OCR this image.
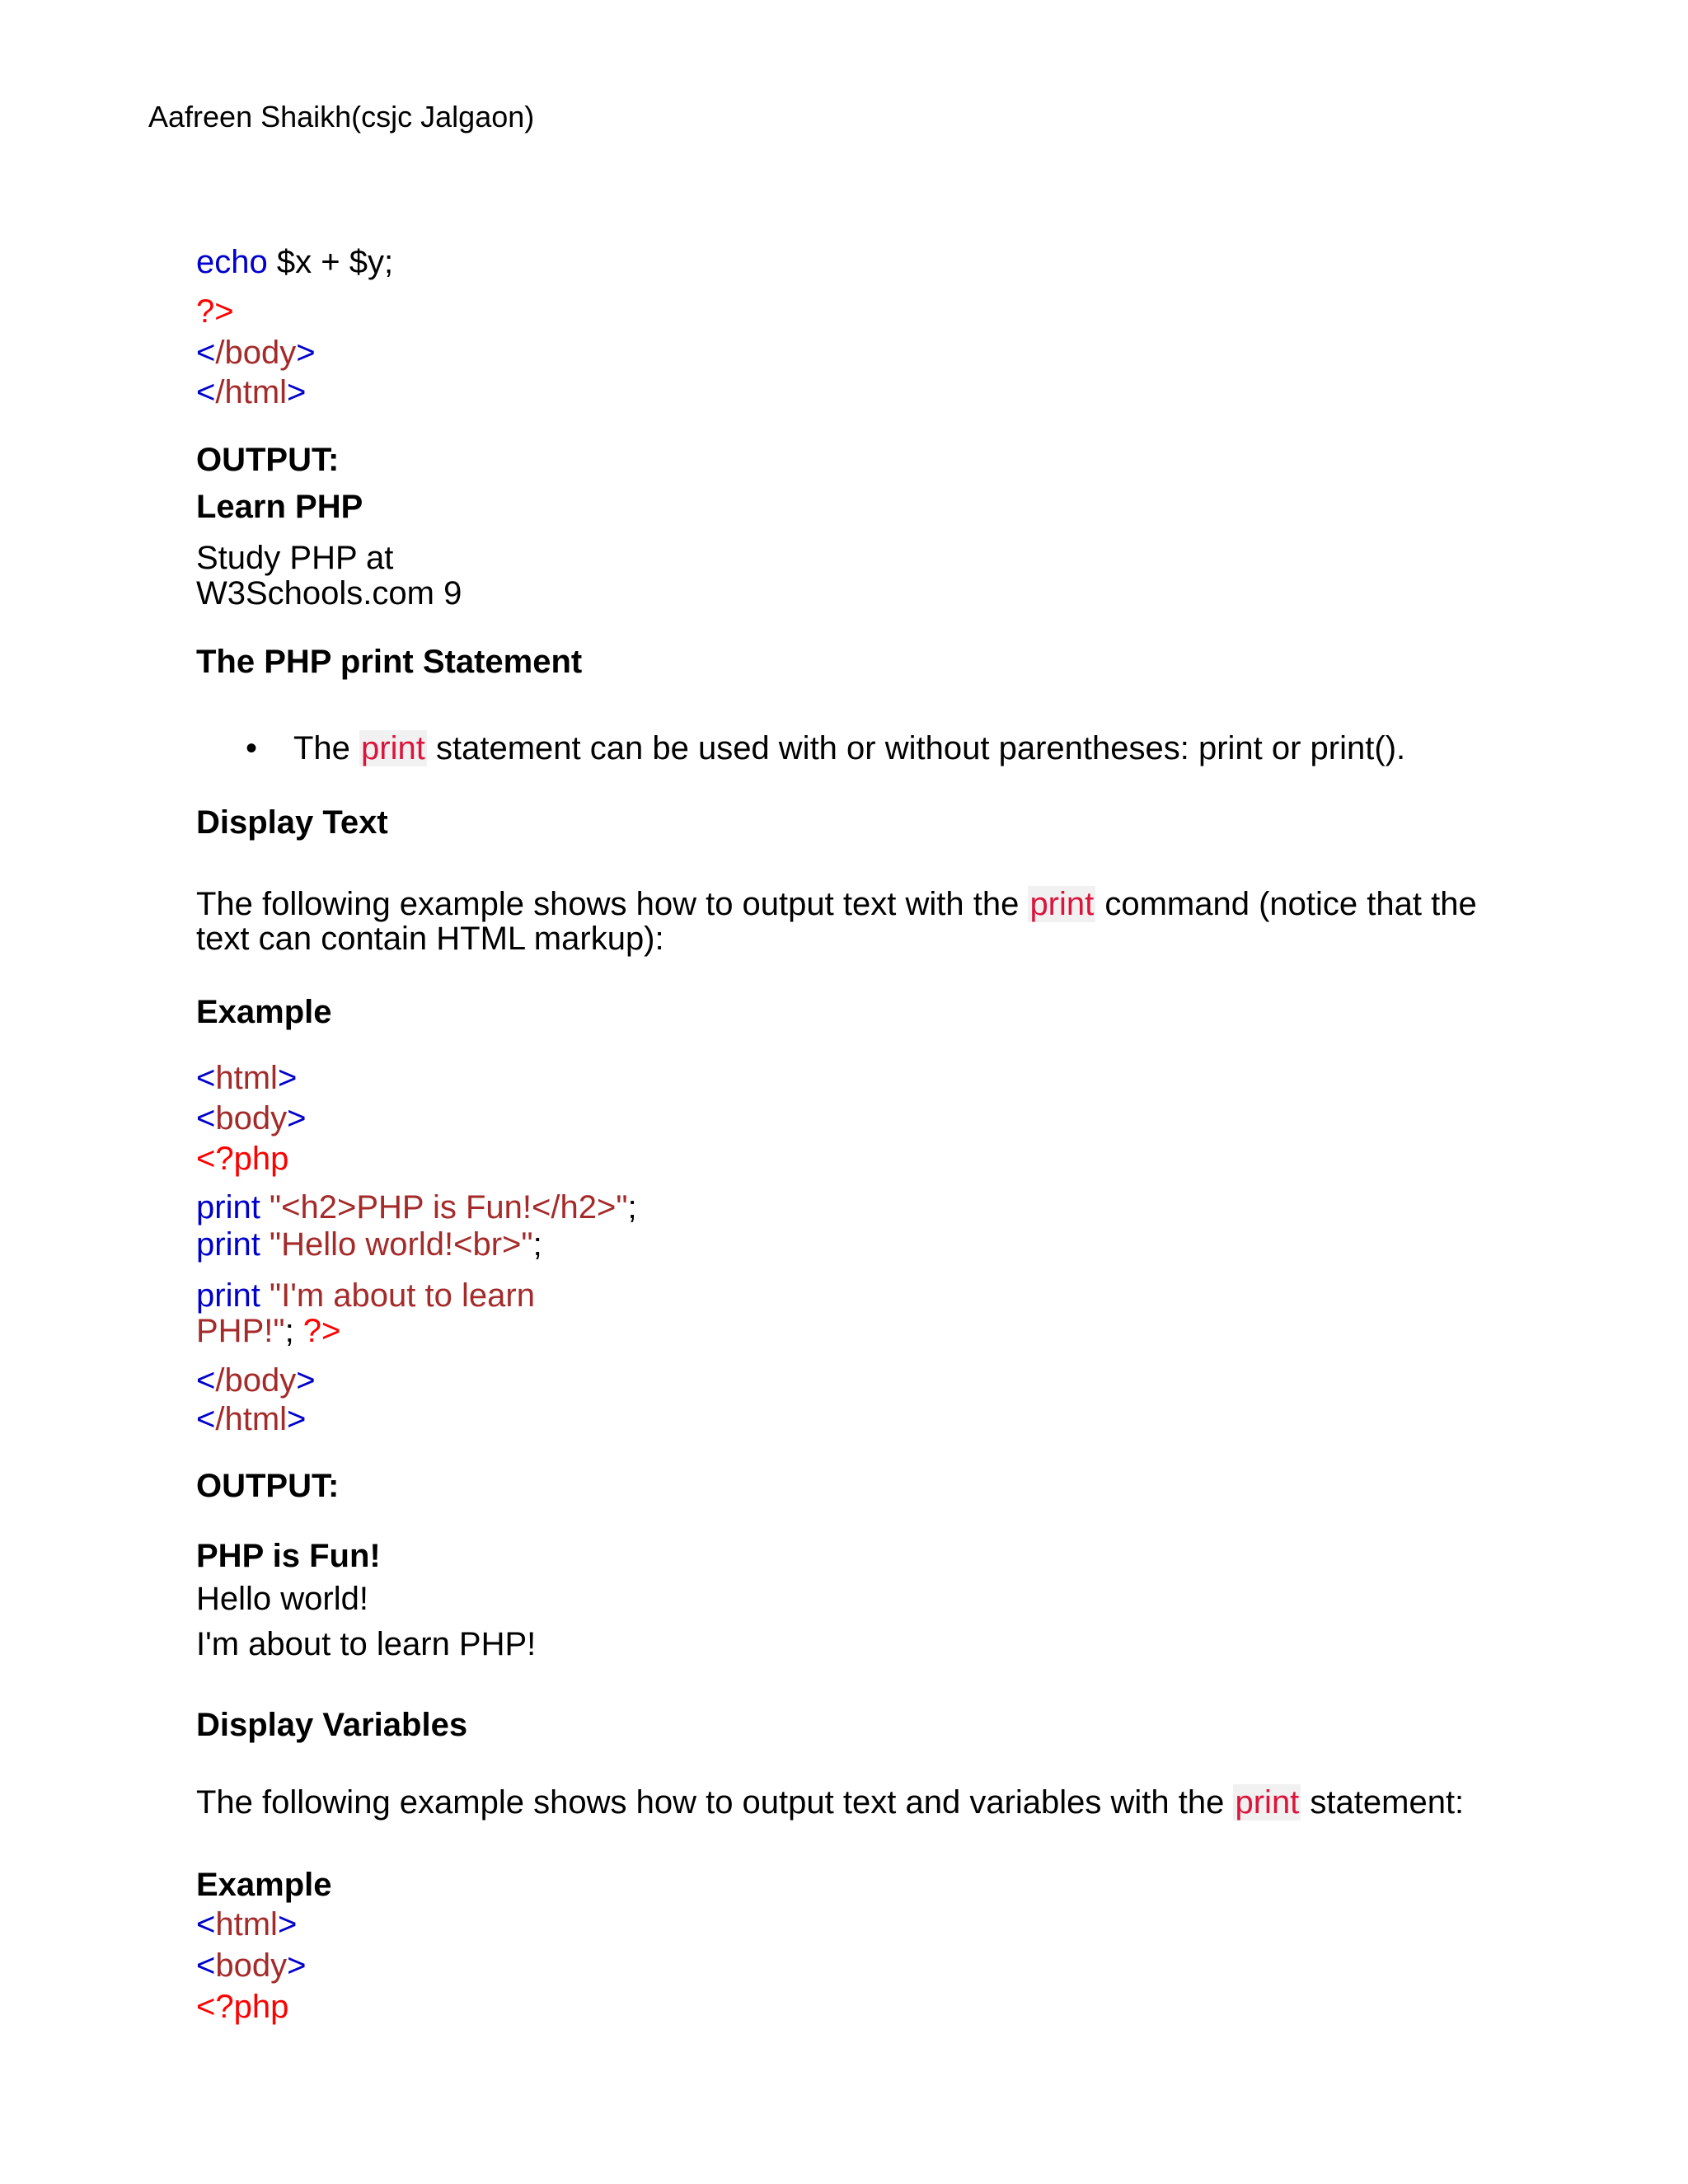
Aafreen Shaikh(csjc Jalgaon)
echo $x + $y;
?>
</body>
</html>
OUTPUT:
Learn PHP
Study PHP at
W3Schools.com 9
The PHP print Statement
• The print statement can be used with or without parentheses: print or print().
Display Text
The following example shows how to output text with the print command (notice that the
text can contain HTML markup):
Example
<html>
<body>
<?php
print "<h2>PHP is Fun!</h2>";
print "Hello world!<br>";
print "I'm about to learn
PHP!"; ?>
</body>
</html>
OUTPUT:
PHP is Fun!
Hello world!
I'm about to learn PHP!
Display Variables
The following example shows how to output text and variables with the print statement:
Example
<html>
<body>
<?php
